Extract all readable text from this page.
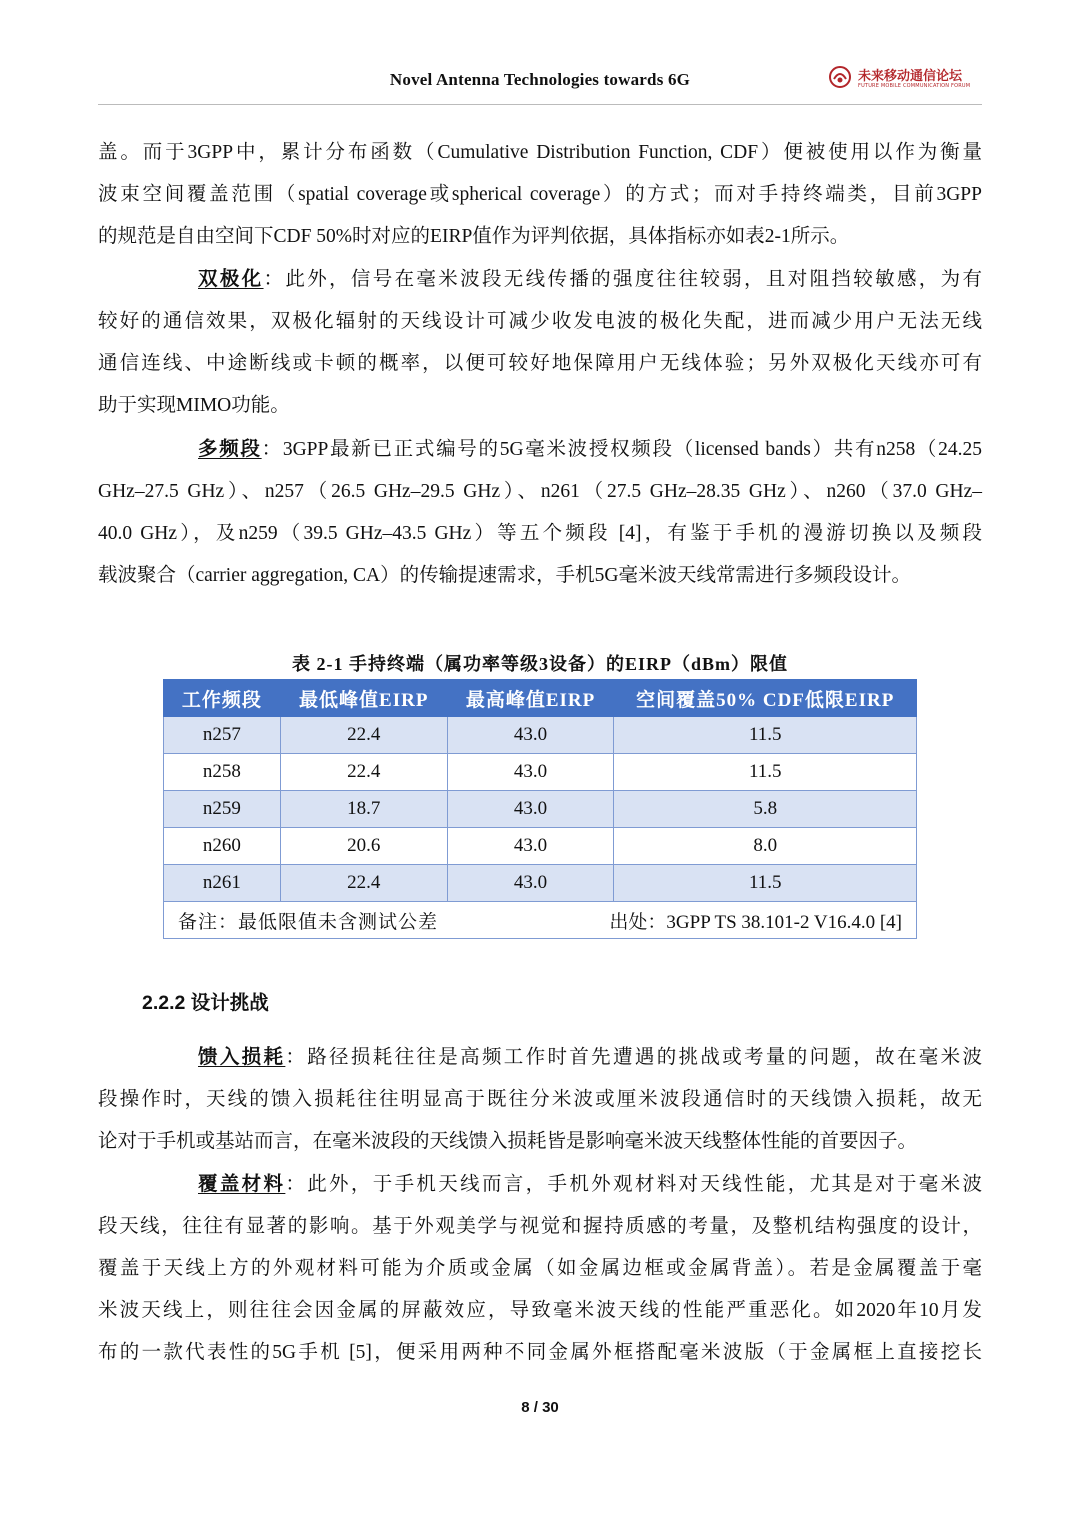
Novel Antenna Technologies towards 6G	未来移动通信论坛
FUTURE MOBILE COMMUNICATION FORUM
盖。而于3GPP中，累计分布函数（Cumulative Distribution Function, CDF）便被使用以作为衡量
波束空间覆盖范围（spatial coverage或spherical coverage）的方式；而对手持终端类，目前3GPP
的规范是自由空间下CDF 50%时对应的EIRP值作为评判依据，具体指标亦如表2-1所示。
双极化：此外，信号在毫米波段无线传播的强度往往较弱，且对阻挡较敏感，为有
较好的通信效果，双极化辐射的天线设计可减少收发电波的极化失配，进而减少用户无法无线
通信连线、中途断线或卡顿的概率，以便可较好地保障用户无线体验；另外双极化天线亦可有
助于实现MIMO功能。
多频段：3GPP最新已正式编号的5G毫米波授权频段（licensed bands）共有n258（24.25
GHz–27.5 GHz）、n257（26.5 GHz–29.5 GHz）、n261（27.5 GHz–28.35 GHz）、n260（37.0 GHz–
40.0 GHz），及n259（39.5 GHz–43.5 GHz）等五个频段 [4]，有鉴于手机的漫游切换以及频段
载波聚合（carrier aggregation, CA）的传输提速需求，手机5G毫米波天线常需进行多频段设计。
表 2-1 手持终端（属功率等级3设备）的EIRP（dBm）限值
工作频段	最低峰值EIRP	最高峰值EIRP	空间覆盖50% CDF低限EIRP
n257	22.4	43.0	11.5
n258	22.4	43.0	11.5
n259	18.7	43.0	5.8
n260	20.6	43.0	8.0
n261	22.4	43.0	11.5

备注：最低限值未含测试公差 出处：3GPP TS 38.101-2 V16.4.0 [4]			
2.2.2 设计挑战
馈入损耗：路径损耗往往是高频工作时首先遭遇的挑战或考量的问题，故在毫米波
段操作时，天线的馈入损耗往往明显高于既往分米波或厘米波段通信时的天线馈入损耗，故无
论对于手机或基站而言，在毫米波段的天线馈入损耗皆是影响毫米波天线整体性能的首要因子。
覆盖材料：此外，于手机天线而言，手机外观材料对天线性能，尤其是对于毫米波
段天线，往往有显著的影响。基于外观美学与视觉和握持质感的考量，及整机结构强度的设计，
覆盖于天线上方的外观材料可能为介质或金属（如金属边框或金属背盖）。若是金属覆盖于毫
米波天线上，则往往会因金属的屏蔽效应，导致毫米波天线的性能严重恶化。如2020年10月发
布的一款代表性的5G手机 [5]，便采用两种不同金属外框搭配毫米波版（于金属框上直接挖长
8 / 30
